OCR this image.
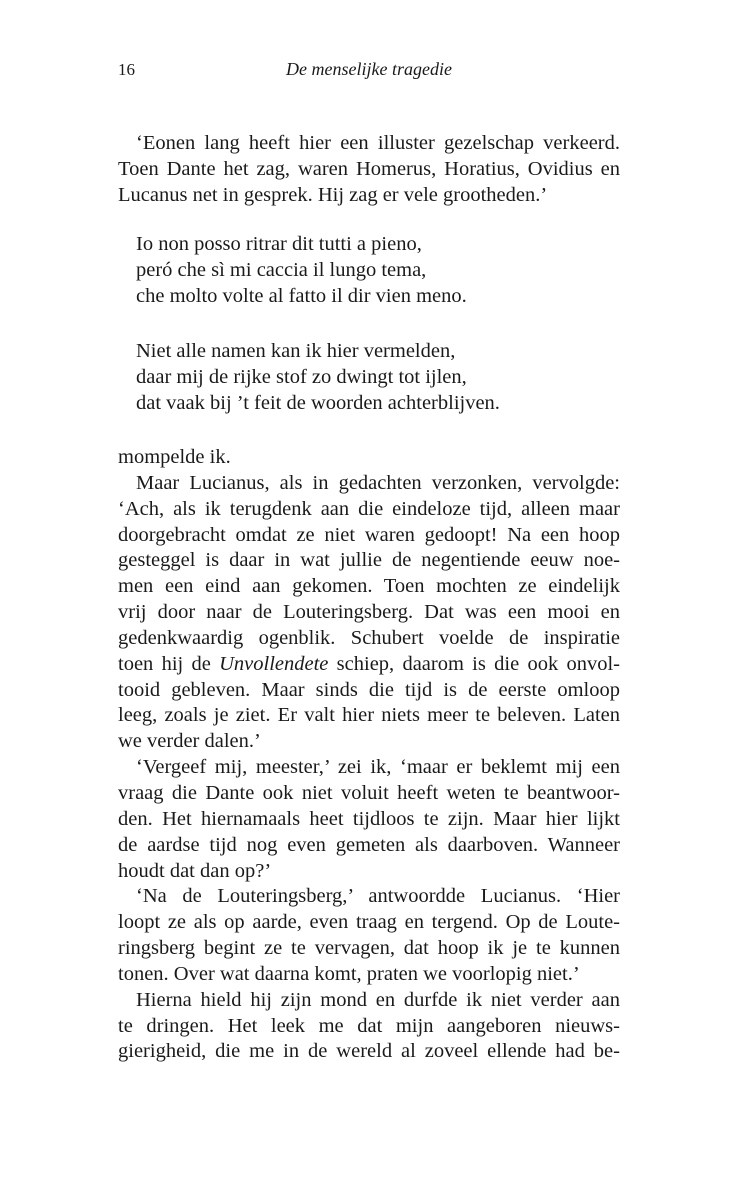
16	De menselijke tragedie
‘Eonen lang heeft hier een illuster gezelschap verkeerd.
Toen Dante het zag, waren Homerus, Horatius, Ovidius en
Lucanus net in gesprek. Hij zag er vele grootheden.’
Io non posso ritrar dit tutti a pieno,
peró che sì mi caccia il lungo tema,
che molto volte al fatto il dir vien meno.
Niet alle namen kan ik hier vermelden,
daar mij de rijke stof zo dwingt tot ijlen,
dat vaak bij ’t feit de woorden achterblijven.
mompelde ik.
Maar Lucianus, als in gedachten verzonken, vervolgde:
‘Ach, als ik terugdenk aan die eindeloze tijd, alleen maar
doorgebracht omdat ze niet waren gedoopt! Na een hoop
gesteggel is daar in wat jullie de negentiende eeuw noe-
men een eind aan gekomen. Toen mochten ze eindelijk
vrij door naar de Louteringsberg. Dat was een mooi en
gedenkwaardig ogenblik. Schubert voelde de inspiratie
toen hij de Unvollendete schiep, daarom is die ook onvol-
tooid gebleven. Maar sinds die tijd is de eerste omloop
leeg, zoals je ziet. Er valt hier niets meer te beleven. Laten
we verder dalen.’
‘Vergeef mij, meester,’ zei ik, ‘maar er beklemt mij een
vraag die Dante ook niet voluit heeft weten te beantwoor-
den. Het hiernamaals heet tijdloos te zijn. Maar hier lijkt
de aardse tijd nog even gemeten als daarboven. Wanneer
houdt dat dan op?’
‘Na de Louteringsberg,’ antwoordde Lucianus. ‘Hier
loopt ze als op aarde, even traag en tergend. Op de Loute-
ringsberg begint ze te vervagen, dat hoop ik je te kunnen
tonen. Over wat daarna komt, praten we voorlopig niet.’
Hierna hield hij zijn mond en durfde ik niet verder aan
te dringen. Het leek me dat mijn aangeboren nieuws-
gierigheid, die me in de wereld al zoveel ellende had be-
